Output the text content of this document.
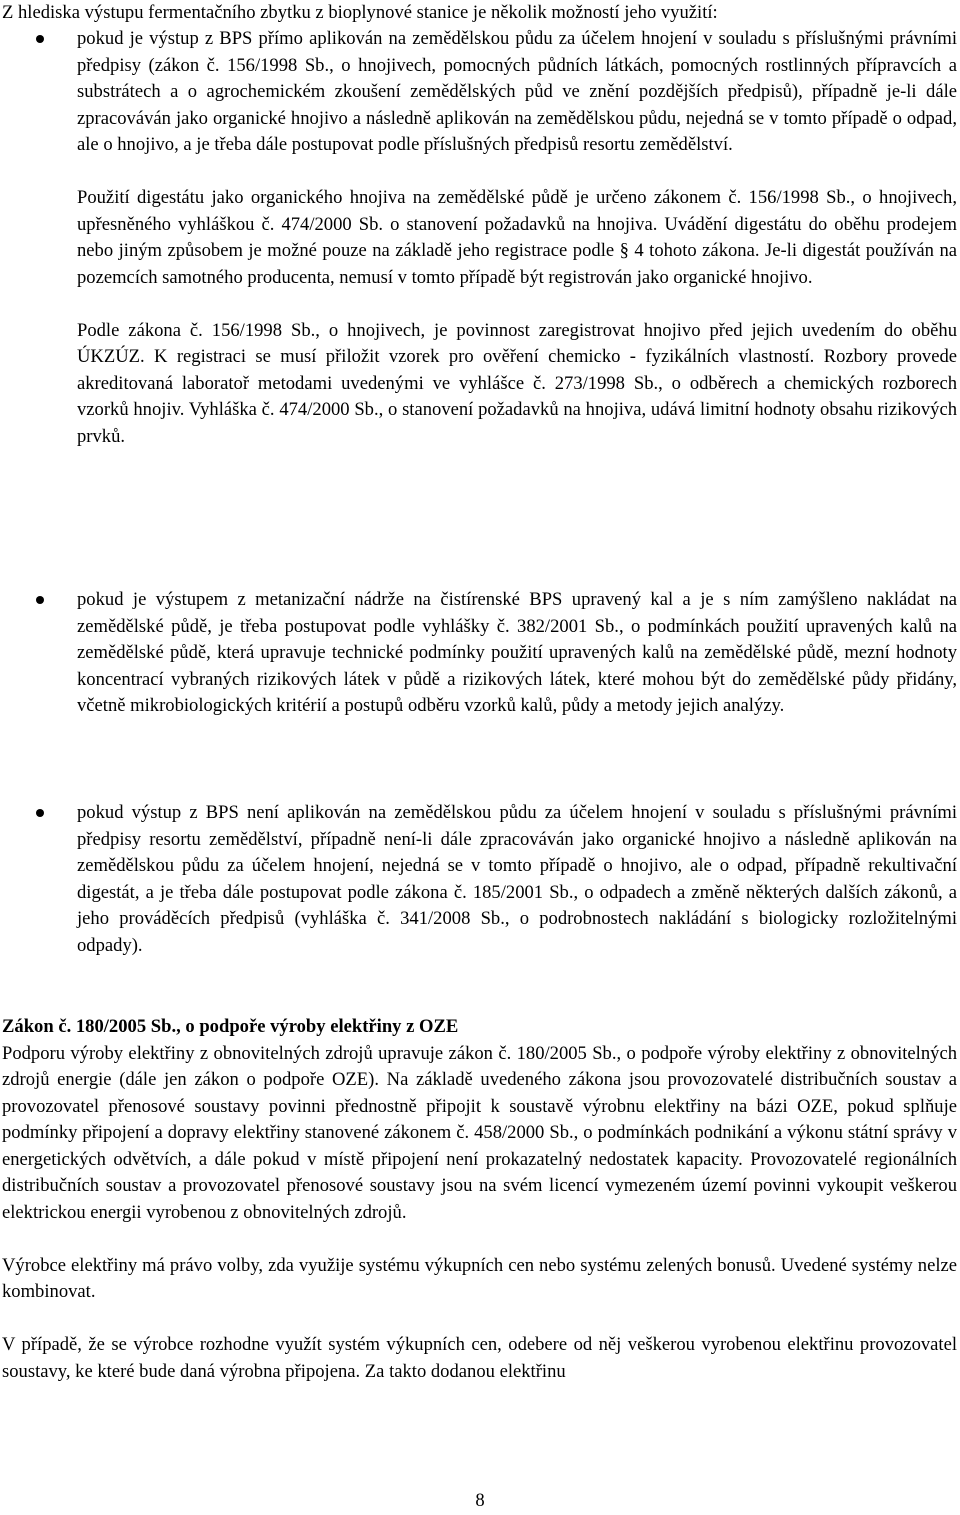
Z hlediska výstupu fermentačního zbytku z bioplynové stanice je několik možností jeho využití:

pokud je výstup z BPS přímo aplikován na zemědělskou půdu za účelem hnojení v souladu s příslušnými právními předpisy (zákon č. 156/1998 Sb., o hnojivech, pomocných půdních látkách, pomocných rostlinných přípravcích a substrátech a o agrochemickém zkoušení zemědělských půd ve znění pozdějších předpisů), případně je-li dále zpracováván jako organické hnojivo a následně aplikován na zemědělskou půdu, nejedná se v tomto případě o odpad, ale o hnojivo, a je třeba dále postupovat podle příslušných předpisů resortu zemědělství.

Použití digestátu jako organického hnojiva na zemědělské půdě je určeno zákonem č. 156/1998 Sb., o hnojivech, upřesněného vyhláškou č. 474/2000 Sb. o stanovení požadavků na hnojiva. Uvádění digestátu do oběhu prodejem nebo jiným způsobem je možné pouze na základě jeho registrace podle § 4 tohoto zákona. Je-li digestát používán na pozemcích samotného producenta, nemusí v tomto případě být registrován jako organické hnojivo.

Podle zákona č. 156/1998 Sb., o hnojivech, je povinnost zaregistrovat hnojivo před jejich uvedením do oběhu ÚKZÚZ. K registraci se musí přiložit vzorek pro ověření chemicko - fyzikálních vlastností. Rozbory provede akreditovaná laboratoř metodami uvedenými ve vyhlášce č. 273/1998 Sb., o odběrech a chemických rozborech vzorků hnojiv. Vyhláška č. 474/2000 Sb., o stanovení požadavků na hnojiva, udává limitní hodnoty obsahu rizikových prvků.

pokud je výstupem z metanizační nádrže na čistírenské BPS upravený kal a je s ním zamýšleno nakládat na zemědělské půdě, je třeba postupovat podle vyhlášky č. 382/2001 Sb., o podmínkách použití upravených kalů na zemědělské půdě, která upravuje technické podmínky použití upravených kalů na zemědělské půdě, mezní hodnoty koncentrací vybraných rizikových látek v půdě a rizikových látek, které mohou být do zemědělské půdy přidány, včetně mikrobiologických kritérií a postupů odběru vzorků kalů, půdy a metody jejich analýzy.

pokud výstup z BPS není aplikován na zemědělskou půdu za účelem hnojení v souladu s příslušnými právními předpisy resortu zemědělství, případně není-li dále zpracováván jako organické hnojivo a následně aplikován na zemědělskou půdu za účelem hnojení, nejedná se v tomto případě o hnojivo, ale o odpad, případně rekultivační digestát, a je třeba dále postupovat podle zákona č. 185/2001 Sb., o odpadech a změně některých dalších zákonů, a jeho prováděcích předpisů (vyhláška č. 341/2008 Sb., o podrobnostech nakládání s biologicky rozložitelnými odpady).

Zákon č. 180/2005 Sb., o podpoře výroby elektřiny z OZE

Podporu výroby elektřiny z obnovitelných zdrojů upravuje zákon č. 180/2005 Sb., o podpoře výroby elektřiny z obnovitelných zdrojů energie (dále jen zákon o podpoře OZE). Na základě uvedeného zákona jsou provozovatelé distribučních soustav a provozovatel přenosové soustavy povinni přednostně připojit k soustavě výrobnu elektřiny na bázi OZE, pokud splňuje podmínky připojení a dopravy elektřiny stanovené zákonem č. 458/2000 Sb., o podmínkách podnikání a výkonu státní správy v energetických odvětvích, a dále pokud v místě připojení není prokazatelný nedostatek kapacity. Provozovatelé regionálních distribučních soustav a provozovatel přenosové soustavy jsou na svém licencí vymezeném území povinni vykoupit veškerou elektrickou energii vyrobenou z obnovitelných zdrojů.

Výrobce elektřiny má právo volby, zda využije systému výkupních cen nebo systému zelených bonusů. Uvedené systémy nelze kombinovat.

V případě, že se výrobce rozhodne využít systém výkupních cen, odebere od něj veškerou vyrobenou elektřinu provozovatel soustavy, ke které bude daná výrobna připojena. Za takto dodanou elektřinu

8
